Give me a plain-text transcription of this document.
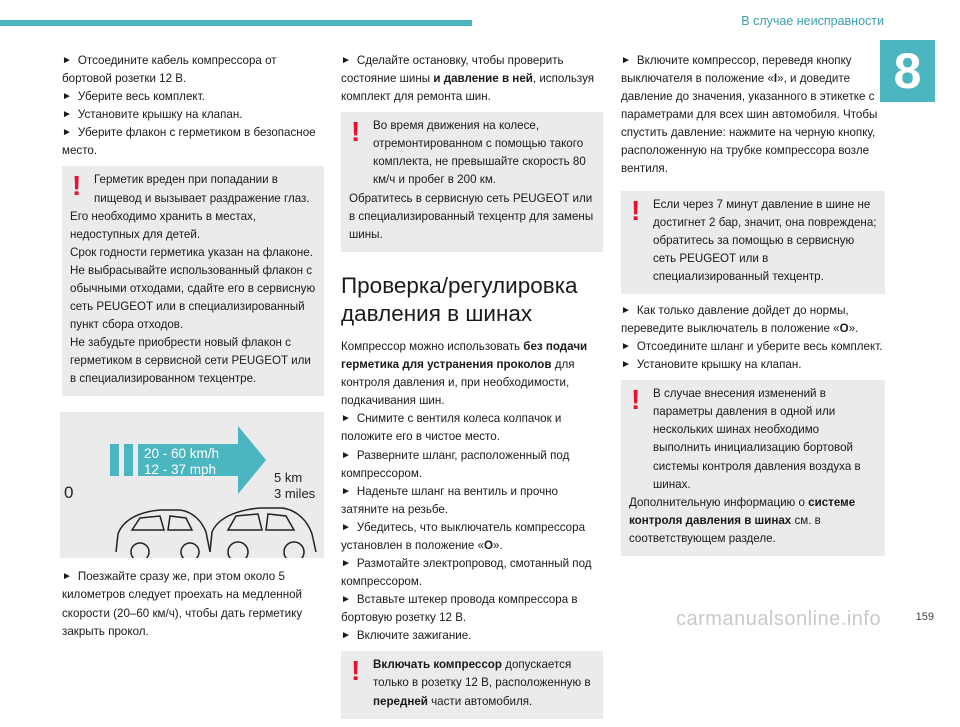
В случае неисправности
8

► Отсоедините кабель компрессора от бортовой розетки 12 В.

► Уберите весь комплект.

► Установите крышку на клапан.

► Уберите флакон с герметиком в безопасное место.

! Герметик вреден при попадании в пищевод и вызывает раздражение глаз.

Его необходимо хранить в местах, недоступных для детей.

Срок годности герметика указан на флаконе.

Не выбрасывайте использованный флакон с обычными отходами, сдайте его в сервисную сеть PEUGEOT или в специализированный пункт сбора отходов.

Не забудьте приобрести новый флакон с герметиком в сервисной сети PEUGEOT или в специализированном техцентре.

20 - 60 km/h
12 - 37 mph
5 km
3 miles
0

► Поезжайте сразу же, при этом около 5 километров следует проехать на медленной скорости (20–60 км/ч), чтобы дать герметику закрыть прокол.

► Сделайте остановку, чтобы проверить состояние шины и давление в ней, используя комплект для ремонта шин.

! Во время движения на колесе, отремонтированном с помощью такого комплекта, не превышайте скорость 80 км/ч и пробег в 200 км.

Обратитесь в сервисную сеть PEUGEOT или в специализированный техцентр для замены шины.

Проверка/регулировка давления в шинах

Компрессор можно использовать без подачи герметика для устранения проколов для контроля давления и, при необходимости, подкачивания шин.

► Снимите с вентиля колеса колпачок и положите его в чистое место.

► Разверните шланг, расположенный под компрессором.

► Наденьте шланг на вентиль и прочно затяните на резьбе.

► Убедитесь, что выключатель компрессора установлен в положение «O».

► Размотайте электропровод, смотанный под компрессором.

► Вставьте штекер провода компрессора в бортовую розетку 12 В.

► Включите зажигание.

! Включать компрессор допускается только в розетку 12 В, расположенную в передней части автомобиля.

► Включите компрессор, переведя кнопку выключателя в положение «I», и доведите давление до значения, указанного в этикетке с параметрами для всех шин автомобиля. Чтобы спустить давление: нажмите на черную кнопку, расположенную на трубке компрессора возле вентиля.

! Если через 7 минут давление в шине не достигнет 2 бар, значит, она повреждена; обратитесь за помощью в сервисную сеть PEUGEOT или в специализированный техцентр.

► Как только давление дойдет до нормы, переведите выключатель в положение «O».

► Отсоедините шланг и уберите весь комплект.

► Установите крышку на клапан.

! В случае внесения изменений в параметры давления в одной или нескольких шинах необходимо выполнить инициализацию бортовой системы контроля давления воздуха в шинах.

Дополнительную информацию о системе контроля давления в шинах см. в соответствующем разделе.

carmanualsonline.info	159
